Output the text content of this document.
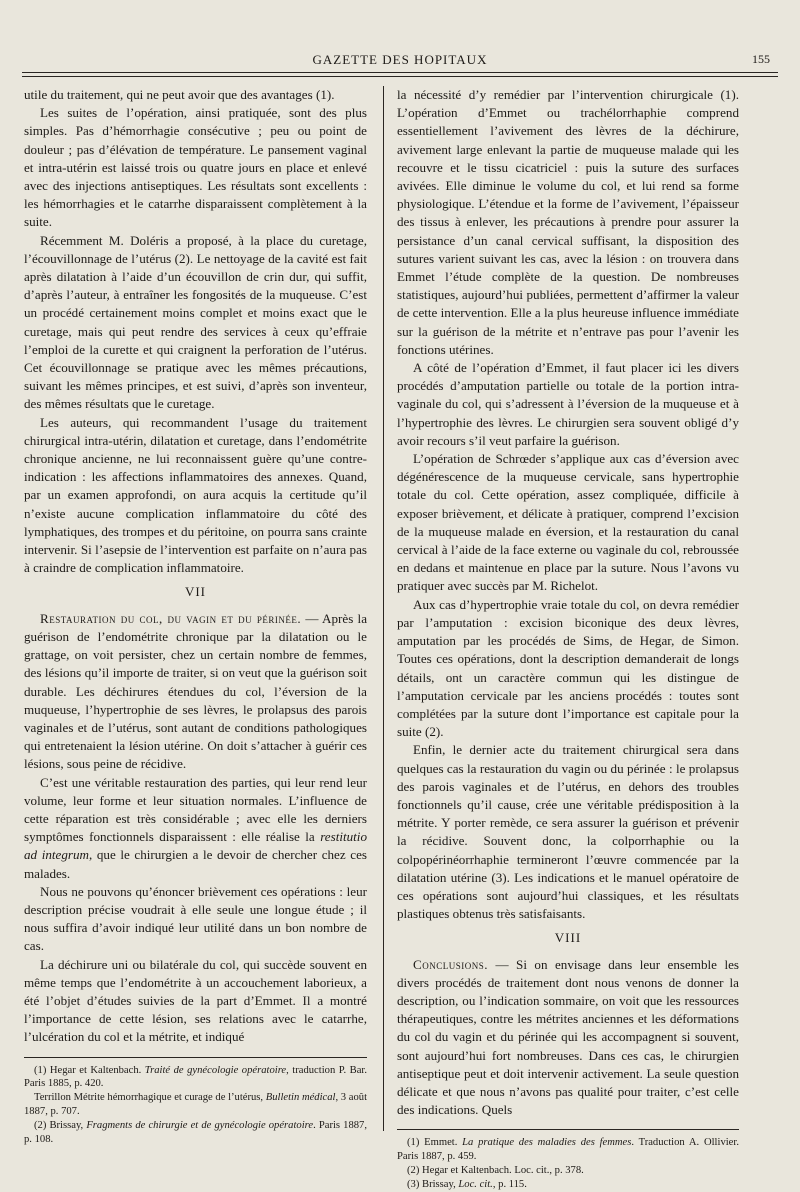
GAZETTE DES HOPITAUX	155

utile du traitement, qui ne peut avoir que des avantages (1).

Les suites de l’opération, ainsi pratiquée, sont des plus simples. Pas d’hémorrhagie consécutive ; peu ou point de douleur ; pas d’élévation de température. Le pansement vaginal et intra-utérin est laissé trois ou quatre jours en place et enlevé avec des injections antiseptiques. Les résultats sont excellents : les hémorrhagies et le catarrhe disparaissent complètement à la suite.

Récemment M. Doléris a proposé, à la place du curetage, l’écouvillonnage de l’utérus (2). Le nettoyage de la cavité est fait après dilatation à l’aide d’un écouvillon de crin dur, qui suffit, d’après l’auteur, à entraîner les fongosités de la muqueuse. C’est un procédé certainement moins complet et moins exact que le curetage, mais qui peut rendre des services à ceux qu’effraie l’emploi de la curette et qui craignent la perforation de l’utérus. Cet écouvillonnage se pratique avec les mêmes précautions, suivant les mêmes principes, et est suivi, d’après son inventeur, des mêmes résultats que le curetage.

Les auteurs, qui recommandent l’usage du traitement chirurgical intra-utérin, dilatation et curetage, dans l’endométrite chronique ancienne, ne lui reconnaissent guère qu’une contre-indication : les affections inflammatoires des annexes. Quand, par un examen approfondi, on aura acquis la certitude qu’il n’existe aucune complication inflammatoire du côté des lymphatiques, des trompes et du péritoine, on pourra sans crainte intervenir. Si l’asepsie de l’intervention est parfaite on n’aura pas à craindre de complication inflammatoire.

VII

Restauration du col, du vagin et du périnée. — Après la guérison de l’endométrite chronique par la dilatation ou le grattage, on voit persister, chez un certain nombre de femmes, des lésions qu’il importe de traiter, si on veut que la guérison soit durable. Les déchirures étendues du col, l’éversion de la muqueuse, l’hypertrophie de ses lèvres, le prolapsus des parois vaginales et de l’utérus, sont autant de conditions pathologiques qui entretenaient la lésion utérine. On doit s’attacher à guérir ces lésions, sous peine de récidive.

C’est une véritable restauration des parties, qui leur rend leur volume, leur forme et leur situation normales. L’influence de cette réparation est très considérable ; avec elle les derniers symptômes fonctionnels disparaissent : elle réalise la restitutio ad integrum, que le chirurgien a le devoir de chercher chez ces malades.

Nous ne pouvons qu’énoncer brièvement ces opérations : leur description précise voudrait à elle seule une longue étude ; il nous suffira d’avoir indiqué leur utilité dans un bon nombre de cas.

La déchirure uni ou bilatérale du col, qui succède souvent en même temps que l’endométrite à un accouchement laborieux, a été l’objet d’études suivies de la part d’Emmet. Il a montré l’importance de cette lésion, ses relations avec le catarrhe, l’ulcération du col et la métrite, et indiqué

(1) Hegar et Kaltenbach. Traité de gynécologie opératoire, traduction P. Bar. Paris 1885, p. 420.

Terrillon Métrite hémorrhagique et curage de l’utérus, Bulletin médical, 3 août 1887, p. 707.

(2) Brissay, Fragments de chirurgie et de gynécologie opératoire. Paris 1887, p. 108.

la nécessité d’y remédier par l’intervention chirurgicale (1). L’opération d’Emmet ou trachélorrhaphie comprend essentiellement l’avivement des lèvres de la déchirure, avivement large enlevant la partie de muqueuse malade qui les recouvre et le tissu cicatriciel : puis la suture des surfaces avivées. Elle diminue le volume du col, et lui rend sa forme physiologique. L’étendue et la forme de l’avivement, l’épaisseur des tissus à enlever, les précautions à prendre pour assurer la persistance d’un canal cervical suffisant, la disposition des sutures varient suivant les cas, avec la lésion : on trouvera dans Emmet l’étude complète de la question. De nombreuses statistiques, aujourd’hui publiées, permettent d’affirmer la valeur de cette intervention. Elle a la plus heureuse influence immédiate sur la guérison de la métrite et n’entrave pas pour l’avenir les fonctions utérines.

A côté de l’opération d’Emmet, il faut placer ici les divers procédés d’amputation partielle ou totale de la portion intra-vaginale du col, qui s’adressent à l’éversion de la muqueuse et à l’hypertrophie des lèvres. Le chirurgien sera souvent obligé d’y avoir recours s’il veut parfaire la guérison.

L’opération de Schrœder s’applique aux cas d’éversion avec dégénérescence de la muqueuse cervicale, sans hypertrophie totale du col. Cette opération, assez compliquée, difficile à exposer brièvement, et délicate à pratiquer, comprend l’excision de la muqueuse malade en éversion, et la restauration du canal cervical à l’aide de la face externe ou vaginale du col, rebroussée en dedans et maintenue en place par la suture. Nous l’avons vu pratiquer avec succès par M. Richelot.

Aux cas d’hypertrophie vraie totale du col, on devra remédier par l’amputation : excision biconique des deux lèvres, amputation par les procédés de Sims, de Hegar, de Simon. Toutes ces opérations, dont la description demanderait de longs détails, ont un caractère commun qui les distingue de l’amputation cervicale par les anciens procédés : toutes sont complétées par la suture dont l’importance est capitale pour la suite (2).

Enfin, le dernier acte du traitement chirurgical sera dans quelques cas la restauration du vagin ou du périnée : le prolapsus des parois vaginales et de l’utérus, en dehors des troubles fonctionnels qu’il cause, crée une véritable prédisposition à la métrite. Y porter remède, ce sera assurer la guérison et prévenir la récidive. Souvent donc, la colporrhaphie ou la colpopérinéorrhaphie termineront l’œuvre commencée par la dilatation utérine (3). Les indications et le manuel opératoire de ces opérations sont aujourd’hui classiques, et les résultats plastiques obtenus très satisfaisants.

VIII

Conclusions. — Si on envisage dans leur ensemble les divers procédés de traitement dont nous venons de donner la description, ou l’indication sommaire, on voit que les ressources thérapeutiques, contre les métrites anciennes et les déformations du col du vagin et du périnée qui les accompagnent si souvent, sont aujourd’hui fort nombreuses. Dans ces cas, le chirurgien antiseptique peut et doit intervenir activement. La seule question délicate et que nous n’avons pas qualité pour traiter, c’est celle des indications. Quels

(1) Emmet. La pratique des maladies des femmes. Traduction A. Ollivier. Paris 1887, p. 459.

(2) Hegar et Kaltenbach. Loc. cit., p. 378.

(3) Brissay, Loc. cit., p. 115.
